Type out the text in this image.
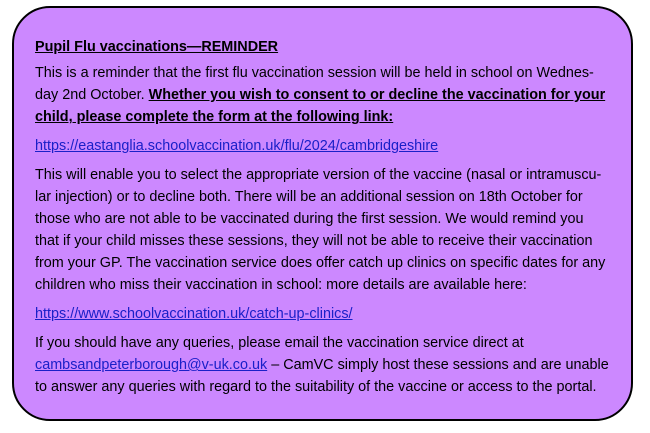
Pupil Flu vaccinations—REMINDER

This is a reminder that the first flu vaccination session will be held in school on Wednes-day 2nd October. Whether you wish to consent to or decline the vaccination for your child, please complete the form at the following link:

https://eastanglia.schoolvaccination.uk/flu/2024/cambridgeshire

This will enable you to select the appropriate version of the vaccine (nasal or intramuscu-lar injection) or to decline both. There will be an additional session on 18th October for those who are not able to be vaccinated during the first session. We would remind you that if your child misses these sessions, they will not be able to receive their vaccination from your GP. The vaccination service does offer catch up clinics on specific dates for any children who miss their vaccination in school: more details are available here:

https://www.schoolvaccination.uk/catch-up-clinics/

If you should have any queries, please email the vaccination service direct at cambsandpeterborough@v-uk.co.uk – CamVC simply host these sessions and are unable to answer any queries with regard to the suitability of the vaccine or access to the portal.
